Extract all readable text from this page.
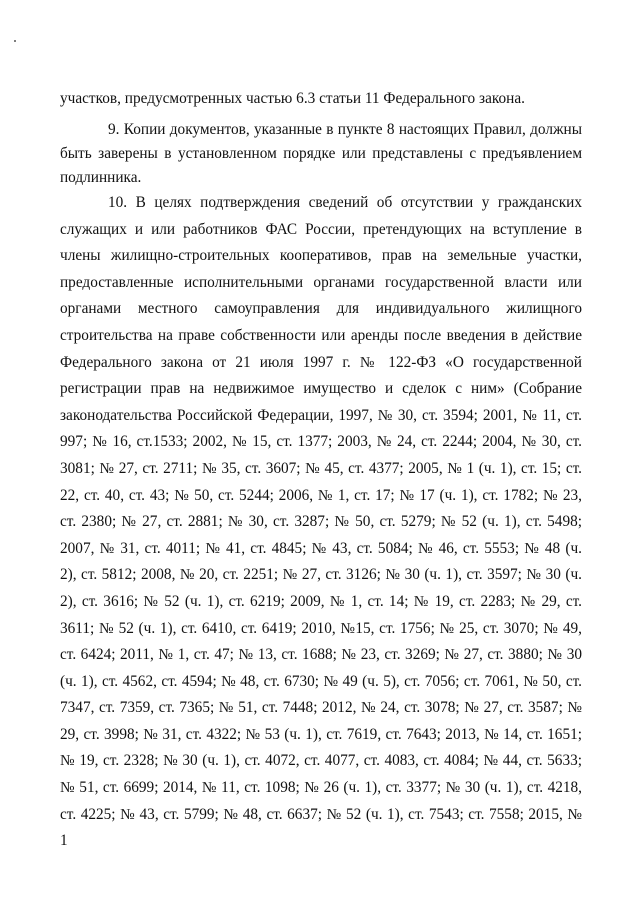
участков, предусмотренных частью 6.3 статьи 11 Федерального закона.
9. Копии документов, указанные в пункте 8 настоящих Правил, должны быть заверены в установленном порядке или представлены с предъявлением подлинника.
10. В целях подтверждения сведений об отсутствии у гражданских служащих и или работников ФАС России, претендующих на вступление в члены жилищно-строительных кооперативов, прав на земельные участки, предоставленные исполнительными органами государственной власти или органами местного самоуправления для индивидуального жилищного строительства на праве собственности или аренды после введения в действие Федерального закона от 21 июля 1997 г. № 122-ФЗ «О государственной регистрации прав на недвижимое имущество и сделок с ним» (Собрание законодательства Российской Федерации, 1997, № 30, ст. 3594; 2001, № 11, ст. 997; № 16, ст.1533; 2002, № 15, ст. 1377; 2003, № 24, ст. 2244; 2004, № 30, ст. 3081; № 27, ст. 2711; № 35, ст. 3607; № 45, ст. 4377; 2005, № 1 (ч. 1), ст. 15; ст. 22, ст. 40, ст. 43; № 50, ст. 5244; 2006, № 1, ст. 17; № 17 (ч. 1), ст. 1782; № 23, ст. 2380; № 27, ст. 2881; № 30, ст. 3287; № 50, ст. 5279; № 52 (ч. 1), ст. 5498; 2007, № 31, ст. 4011; № 41, ст. 4845; № 43, ст. 5084; № 46, ст. 5553; № 48 (ч. 2), ст. 5812; 2008, № 20, ст. 2251; № 27, ст. 3126; № 30 (ч. 1), ст. 3597; № 30 (ч. 2), ст. 3616; № 52 (ч. 1), ст. 6219; 2009, № 1, ст. 14; № 19, ст. 2283; № 29, ст. 3611; № 52 (ч. 1), ст. 6410, ст. 6419; 2010, №15, ст. 1756; № 25, ст. 3070; № 49, ст. 6424; 2011, № 1, ст. 47; № 13, ст. 1688; № 23, ст. 3269; № 27, ст. 3880; № 30 (ч. 1), ст. 4562, ст. 4594; № 48, ст. 6730; № 49 (ч. 5), ст. 7056; ст. 7061, № 50, ст. 7347, ст. 7359, ст. 7365; № 51, ст. 7448; 2012, № 24, ст. 3078; № 27, ст. 3587; № 29, ст. 3998; № 31, ст. 4322; № 53 (ч. 1), ст. 7619, ст. 7643; 2013, № 14, ст. 1651; № 19, ст. 2328; № 30 (ч. 1), ст. 4072, ст. 4077, ст. 4083, ст. 4084; № 44, ст. 5633; № 51, ст. 6699; 2014, № 11, ст. 1098; № 26 (ч. 1), ст. 3377; № 30 (ч. 1), ст. 4218, ст. 4225; № 43, ст. 5799; № 48, ст. 6637; № 52 (ч. 1), ст. 7543; ст. 7558; 2015, № 1
